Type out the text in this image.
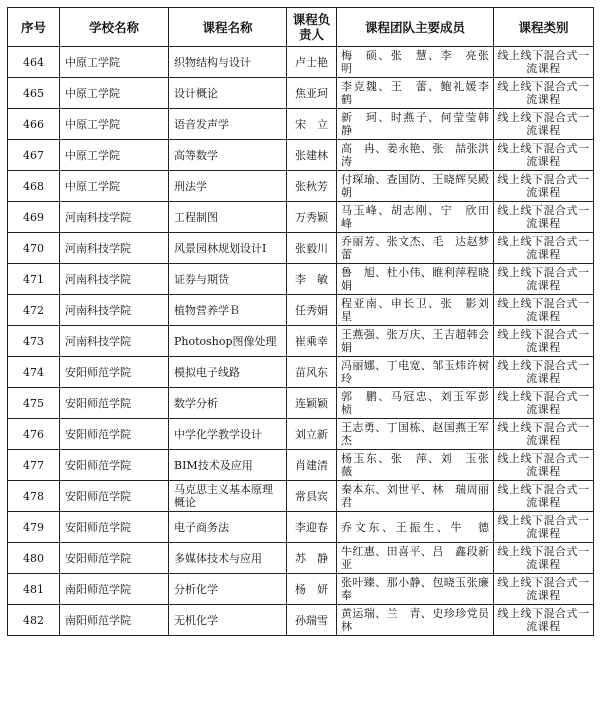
序号	学校名称	课程名称	课程负责人	课程团队主要成员	课程类别
464	中原工学院	织物结构与设计	卢士艳	梅　硕、张　慧、李　亮张　明	线上线下混合式一流课程
465	中原工学院	设计概论	焦亚珂	李克魏、王　蕾、鲍礼媛李　鹤	线上线下混合式一流课程
466	中原工学院	语音发声学	宋　立	新　珂、时燕子、何莹莹韩　静	线上线下混合式一流课程
467	中原工学院	高等数学	张建林	高　冉、姜永艳、张　喆张洪涛	线上线下混合式一流课程
468	中原工学院	刑法学	张秋芳	付琛瑜、查国防、王晓辉吴殿朝	线上线下混合式一流课程
469	河南科技学院	工程制图	万秀颖	马玉峰、胡志刚、宁　欣田　峰	线上线下混合式一流课程
470	河南科技学院	风景园林规划设计Ⅰ	张毅川	乔丽芳、张文杰、毛　达赵梦蕾	线上线下混合式一流课程
471	河南科技学院	证券与期货	李　敏	鲁　旭、杜小伟、睢利萍程晓娟	线上线下混合式一流课程
472	河南科技学院	植物营养学Ｂ	任秀娟	程亚南、申长卫、张　影刘　星	线上线下混合式一流课程
473	河南科技学院	Photoshop图像处理	崔乘幸	王燕强、张万庆、王吉超韩会娟	线上线下混合式一流课程
474	安阳师范学院	模拟电子线路	苗风东	冯丽娜、丁电宽、邹玉炜许树玲	线上线下混合式一流课程
475	安阳师范学院	数学分析	连颖颖	郭　鹏、马冠忠、刘玉军彭　桢	线上线下混合式一流课程
476	安阳师范学院	中学化学教学设计	刘立新	王志勇、丁国栋、赵国燕王军杰	线上线下混合式一流课程
477	安阳师范学院	BIM技术及应用	肖建清	杨玉东、张　萍、刘　玉张　薇	线上线下混合式一流课程
478	安阳师范学院	马克思主义基本原理概论	常县宾	秦本东、刘世平、林　瑞周丽君	线上线下混合式一流课程
479	安阳师范学院	电子商务法	李迎春	乔文东、王振生、牛　德	线上线下混合式一流课程
480	安阳师范学院	多媒体技术与应用	苏　静	牛红惠、田喜平、吕　鑫段新亚	线上线下混合式一流课程
481	南阳师范学院	分析化学	杨　妍	张叶臻、那小静、包晓玉张廉奉	线上线下混合式一流课程
482	南阳师范学院	无机化学	孙瑞雪	黄运瑞、兰　青、史珍珍党员林	线上线下混合式一流课程
